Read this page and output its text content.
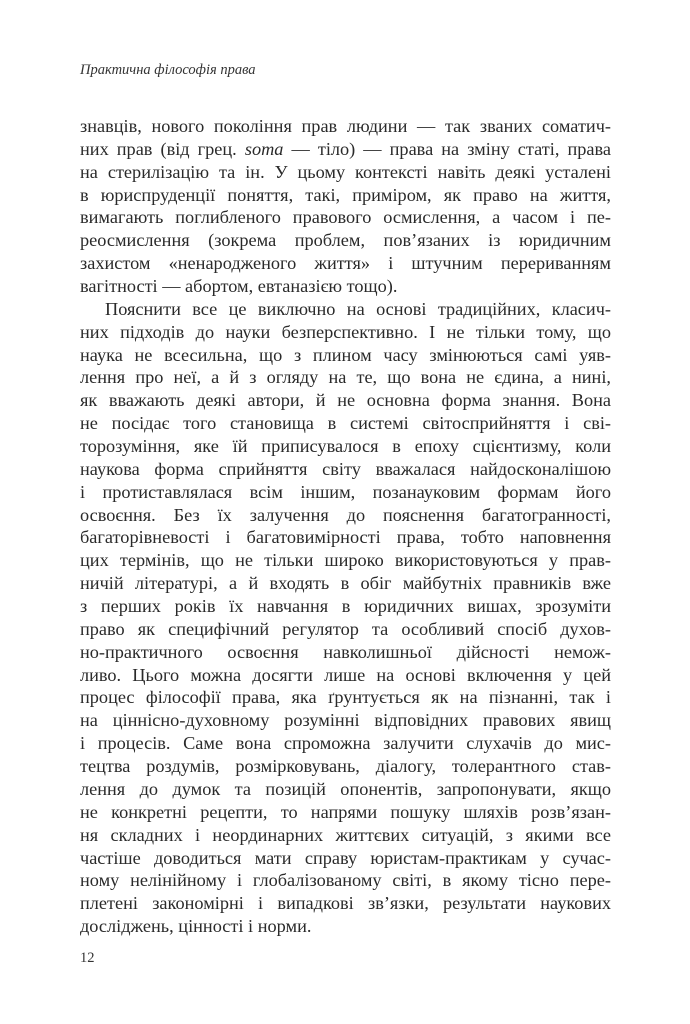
Практична філософія права
знавців, нового покоління прав людини — так званих соматич-
них прав (від грец. soma — тіло) — права на зміну статі, права
на стерилізацію та ін. У цьому контексті навіть деякі усталені
в юриспруденції поняття, такі, приміром, як право на життя,
вимагають поглибленого правового осмислення, а часом і пе-
реосмислення (зокрема проблем, пов’язаних із юридичним
захистом «ненародженого життя» і штучним перериванням
вагітності — абортом, евтаназією тощо).
Пояснити все це виключно на основі традиційних, класич-
них підходів до науки безперспективно. І не тільки тому, що
наука не всесильна, що з плином часу змінюються самі уяв-
лення про неї, а й з огляду на те, що вона не єдина, а нині,
як вважають деякі автори, й не основна форма знання. Вона
не посідає того становища в системі світосприйняття і сві-
торозуміння, яке їй приписувалося в епоху сцієнтизму, коли
наукова форма сприйняття світу вважалася найдосконалішою
і протиставлялася всім іншим, позанауковим формам його
освоєння. Без їх залучення до пояснення багатогранності,
багаторівневості і багатовимірності права, тобто наповнення
цих термінів, що не тільки широко використовуються у прав-
ничій літературі, а й входять в обіг майбутніх правників вже
з перших років їх навчання в юридичних вишах, зрозуміти
право як специфічний регулятор та особливий спосіб духов-
но-практичного освоєння навколишньої дійсності немож-
ливо. Цього можна досягти лише на основі включення у цей
процес філософії права, яка ґрунтується як на пізнанні, так і
на ціннісно-духовному розумінні відповідних правових явищ
і процесів. Саме вона спроможна залучити слухачів до мис-
тецтва роздумів, розмірковувань, діалогу, толерантного став-
лення до думок та позицій опонентів, запропонувати, якщо
не конкретні рецепти, то напрями пошуку шляхів розв’язан-
ня складних і неординарних життєвих ситуацій, з якими все
частіше доводиться мати справу юристам-практикам у сучас-
ному нелінійному і глобалізованому світі, в якому тісно пере-
плетені закономірні і випадкові зв’язки, результати наукових
досліджень, цінності і норми.
12
